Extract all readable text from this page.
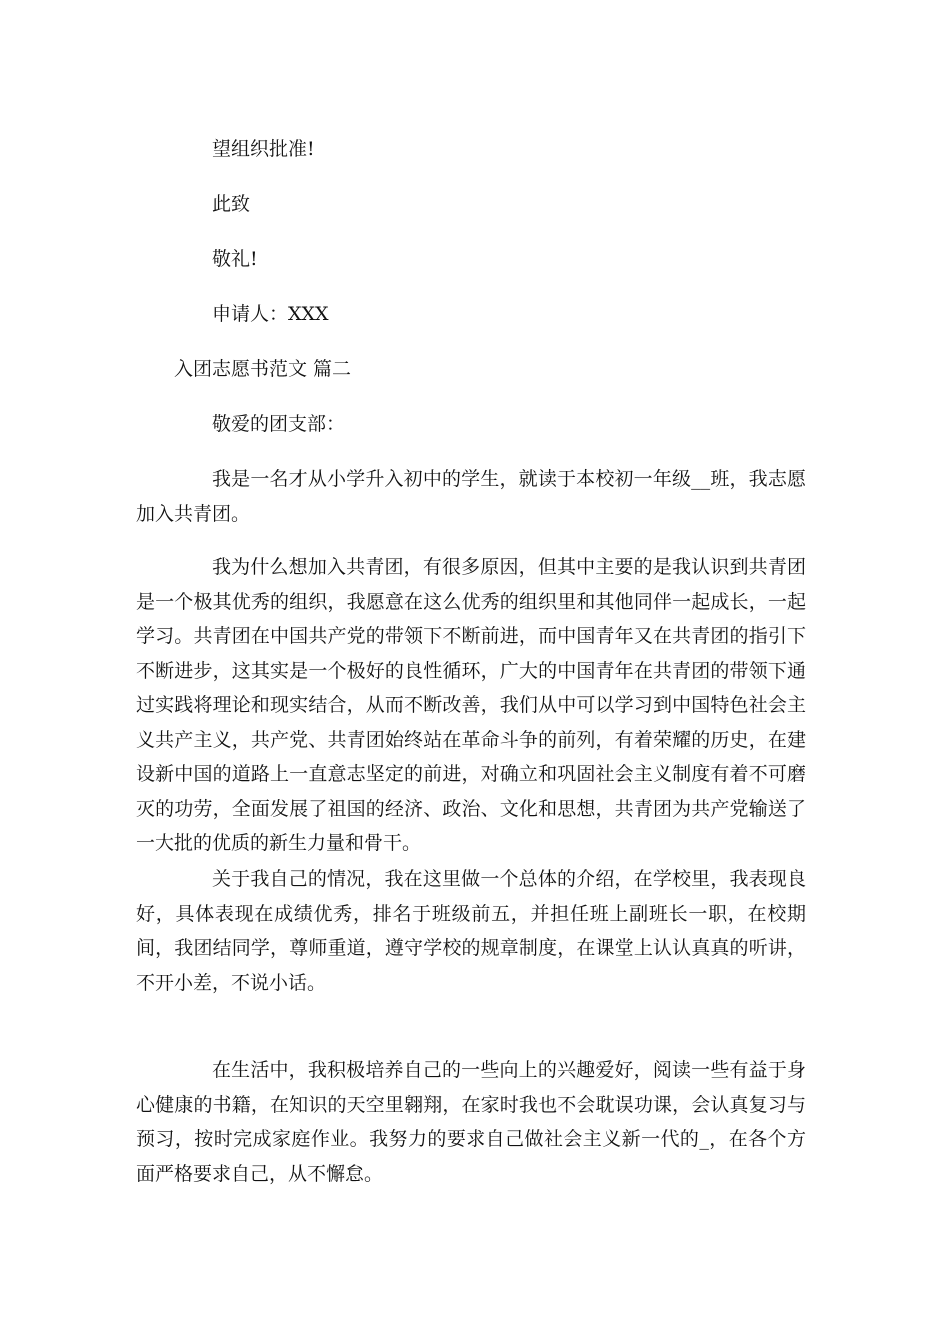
望组织批准!
此致
敬礼!
申请人：XXX
入团志愿书范文 篇二
敬爱的团支部：

我是一名才从小学升入初中的学生，就读于本校初一年级__班，我志愿加入共青团。

我为什么想加入共青团，有很多原因，但其中主要的是我认识到共青团是一个极其优秀的组织，我愿意在这么优秀的组织里和其他同伴一起成长，一起学习。共青团在中国共产党的带领下不断前进，而中国青年又在共青团的指引下不断进步，这其实是一个极好的良性循环，广大的中国青年在共青团的带领下通过实践将理论和现实结合，从而不断改善，我们从中可以学习到中国特色社会主义共产主义，共产党、共青团始终站在革命斗争的前列，有着荣耀的历史，在建设新中国的道路上一直意志坚定的前进，对确立和巩固社会主义制度有着不可磨灭的功劳，全面发展了祖国的经济、政治、文化和思想，共青团为共产党输送了一大批的优质的新生力量和骨干。

关于我自己的情况，我在这里做一个总体的介绍，在学校里，我表现良好，具体表现在成绩优秀，排名于班级前五，并担任班上副班长一职，在校期间，我团结同学，尊师重道，遵守学校的规章制度，在课堂上认认真真的听讲，不开小差，不说小话。

在生活中，我积极培养自己的一些向上的兴趣爱好，阅读一些有益于身心健康的书籍，在知识的天空里翱翔，在家时我也不会耽误功课，会认真复习与预习，按时完成家庭作业。我努力的要求自己做社会主义新一代的_，在各个方面严格要求自己，从不懈怠。
